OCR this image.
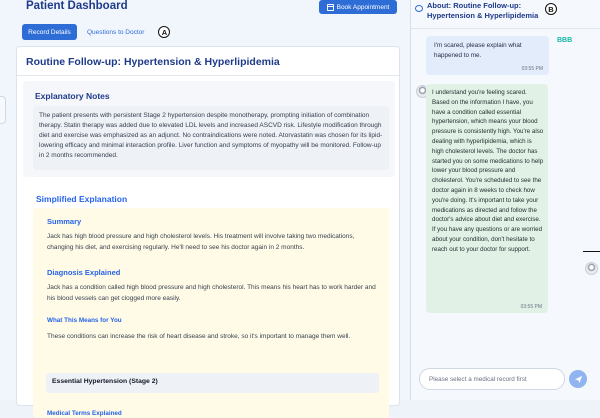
Patient Dashboard	Book Appointment
Record Details	Questions to Doctor	A
Routine Follow-up: Hypertension & Hyperlipidemia
Explanatory Notes
The patient presents with persistent Stage 2 hypertension despite monotherapy, prompting initiation of combination therapy. Statin therapy was added due to elevated LDL levels and increased ASCVD risk. Lifestyle modification through diet and exercise was emphasized as an adjunct. No contraindications were noted. Atorvastatin was chosen for its lipid-lowering efficacy and minimal interaction profile. Liver function and symptoms of myopathy will be monitored. Follow-up in 2 months recommended.
Simplified Explanation
Summary
Jack has high blood pressure and high cholesterol levels. His treatment will involve taking two medications, changing his diet, and exercising regularly. He'll need to see his doctor again in 2 months.
Diagnosis Explained
Jack has a condition called high blood pressure and high cholesterol. This means his heart has to work harder and his blood vessels can get clogged more easily.
What This Means for You
These conditions can increase the risk of heart disease and stroke, so it's important to manage them well.
Medical Terms Explained
Essential Hypertension (Stage 2)
About: Routine Follow-up: Hypertension & Hyperlipidemia
B
I'm scared, please explain what happened to me.
03:55 PM
BBB
I understand you're feeling scared. Based on the information I have, you have a condition called essential hypertension, which means your blood pressure is consistently high. You're also dealing with hyperlipidemia, which is high cholesterol levels. The doctor has started you on some medications to help lower your blood pressure and cholesterol. You're scheduled to see the doctor again in 8 weeks to check how you're doing. It's important to take your medications as directed and follow the doctor's advice about diet and exercise. If you have any questions or are worried about your condition, don't hesitate to reach out to your doctor for support.
03:55 PM
Please select a medical record first
